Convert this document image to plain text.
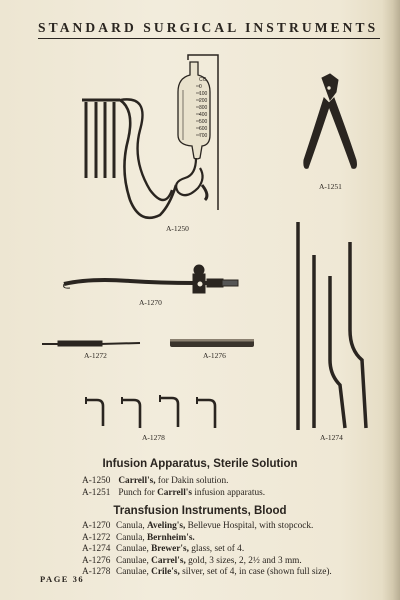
STANDARD SURGICAL INSTRUMENTS
CC
0
100
200
300
400
500
600
700
A-1250
A-1251
A-1270
A-1272	A-1276
A-1278	A-1274
Infusion Apparatus, Sterile Solution
A-1250 Carrell's, for Dakin solution.
A-1251 Punch for Carrell's infusion apparatus.
Transfusion Instruments, Blood
A-1270 Canula, Aveling's, Bellevue Hospital, with stopcock.
A-1272 Canula, Bernheim's.
A-1274 Canulae, Brewer's, glass, set of 4.
A-1276 Canulae, Carrel's, gold, 3 sizes, 2, 2½ and 3 mm.
A-1278 Canulae, Crile's, silver, set of 4, in case (shown full size).
PAGE 36
